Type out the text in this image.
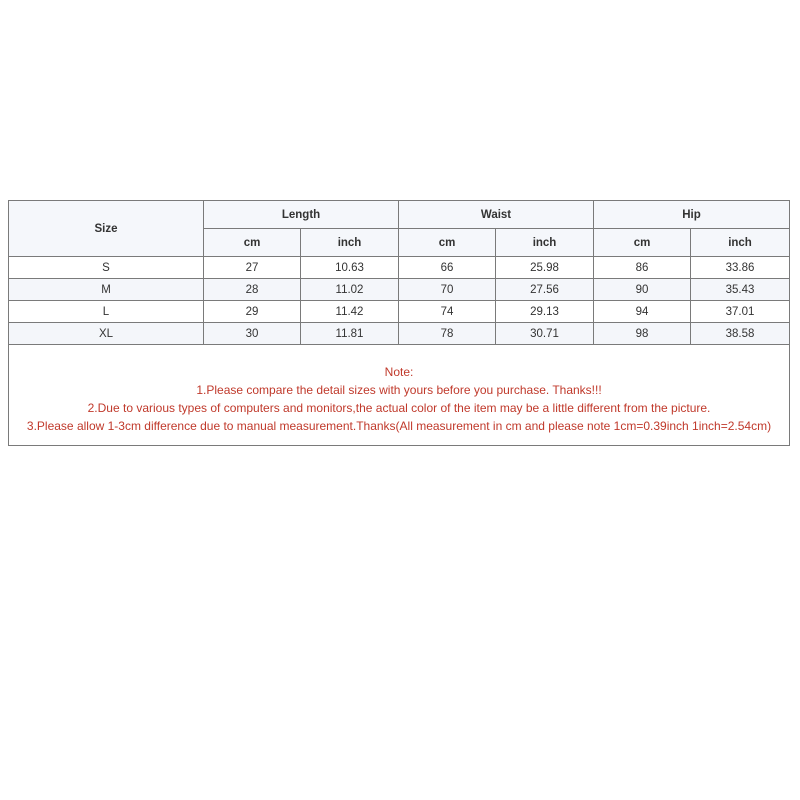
Size	Length		Waist		Hip	
	cm	inch	cm	inch	cm	inch
S	27	10.63	66	25.98	86	33.86
M	28	11.02	70	27.56	90	35.43
L	29	11.42	74	29.13	94	37.01
XL	30	11.81	78	30.71	98	38.58

Note:
1.Please compare the detail sizes with yours before you purchase. Thanks!!!
2.Due to various types of computers and monitors,the actual color of the item may be a little different from the picture.
3.Please allow 1-3cm difference due to manual measurement.Thanks(All measurement in cm and please note 1cm=0.39inch 1inch=2.54cm)						
